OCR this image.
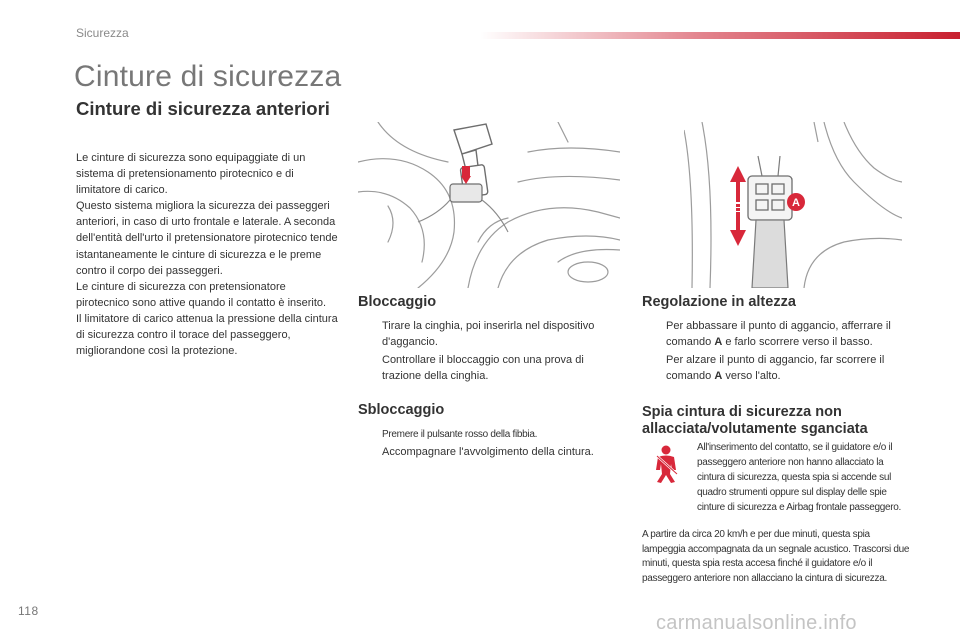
Sicurezza
Cinture di sicurezza
Cinture di sicurezza anteriori

Le cinture di sicurezza sono equipaggiate di un sistema di pretensionamento pirotecnico e di limitatore di carico.

Questo sistema migliora la sicurezza dei passeggeri anteriori, in caso di urto frontale e laterale. A seconda dell'entità dell'urto il pretensionatore pirotecnico tende istantaneamente le cinture di sicurezza e le preme contro il corpo dei passeggeri.

Le cinture di sicurezza con pretensionatore pirotecnico sono attive quando il contatto è inserito.

Il limitatore di carico attenua la pressione della cintura di sicurezza contro il torace del passeggero, migliorandone così la protezione.

A
Bloccaggio
Tirare la cinghia, poi inserirla nel dispositivo d'aggancio.
Controllare il bloccaggio con una prova di trazione della cinghia.
Sbloccaggio
Premere il pulsante rosso della fibbia.
Accompagnare l'avvolgimento della cintura.
Regolazione in altezza
Per abbassare il punto di aggancio, afferrare il comando A e farlo scorrere verso il basso.
Per alzare il punto di aggancio, far scorrere il comando A verso l'alto.
Spia cintura di sicurezza non allacciata/volutamente sganciata
All'inserimento del contatto, se il guidatore e/o il passeggero anteriore non hanno allacciato la cintura di sicurezza, questa spia si accende sul quadro strumenti oppure sul display delle spie cinture di sicurezza e Airbag frontale passeggero.
A partire da circa 20 km/h e per due minuti, questa spia lampeggia accompagnata da un segnale acustico. Trascorsi due minuti, questa spia resta accesa finché il guidatore e/o il passeggero anteriore non allacciano la cintura di sicurezza.
118
carmanualsonline.info
